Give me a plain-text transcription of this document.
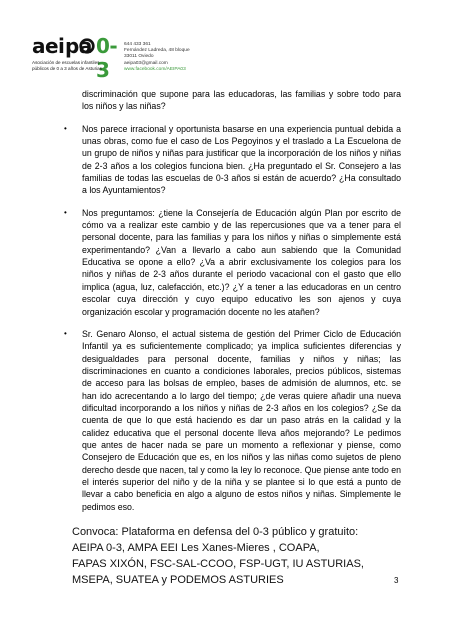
aei pa 0-3
Asociación de escuelas infantiles
públicos de 0 a 3 años de Asturias
644 433 361
Fernández Ladreda, 48 bloque
33011 Oviedo
aeipa03@gmail.com
www.facebook.com/AEIPA03

discriminación que supone para las educadoras, las familias y sobre todo para los niños y las niñas?

• Nos parece irracional y oportunista basarse en una experiencia puntual debida a unas obras, como fue el caso de Los Pegoyinos y el traslado a La Escuelona de un grupo de niños y niñas para justificar que la incorporación de los niños y niñas de 2-3 años a los colegios funciona bien. ¿Ha preguntado el Sr. Consejero a las familias de todas las escuelas de 0-3 años si están de acuerdo? ¿Ha consultado a los Ayuntamientos?

• Nos preguntamos: ¿tiene la Consejería de Educación algún Plan por escrito de cómo va a realizar este cambio y de las repercusiones que va a tener para el personal docente, para las familias y para los niños y niñas o simplemente está experimentando? ¿Van a llevarlo a cabo aun sabiendo que la Comunidad Educativa se opone a ello? ¿Va a abrir exclusivamente los colegios para los niños y niñas de 2-3 años durante el periodo vacacional con el gasto que ello implica (agua, luz, calefacción, etc.)? ¿Y a tener a las educadoras en un centro escolar cuya dirección y cuyo equipo educativo les son ajenos y cuya organización escolar y programación docente no les atañen?

• Sr. Genaro Alonso, el actual sistema de gestión del Primer Ciclo de Educación Infantil ya es suficientemente complicado; ya implica suficientes diferencias y desigualdades para personal docente, familias y niños y niñas; las discriminaciones en cuanto a condiciones laborales, precios públicos, sistemas de acceso para las bolsas de empleo, bases de admisión de alumnos, etc. se han ido acrecentando a lo largo del tiempo; ¿de veras quiere añadir una nueva dificultad incorporando a los niños y niñas de 2-3 años en los colegios? ¿Se da cuenta de que lo que está haciendo es dar un paso atrás en la calidad y la calidez educativa que el personal docente lleva años mejorando? Le pedimos que antes de hacer nada se pare un momento a reflexionar y piense, como Consejero de Educación que es, en los niños y las niñas como sujetos de pleno derecho desde que nacen, tal y como la ley lo reconoce. Que piense ante todo en el interés superior del niño y de la niña y se plantee si lo que está a punto de llevar a cabo beneficia en algo a alguno de estos niños y niñas. Simplemente le pedimos eso.

Convoca: Plataforma en defensa del 0-3 público y gratuito:
AEIPA 0-3, AMPA EEI Les Xanes-Mieres , COAPA,
FAPAS XIXÓN, FSC-SAL-CCOO, FSP-UGT, IU ASTURIAS,
MSEPA, SUATEA y PODEMOS ASTURIES	3
